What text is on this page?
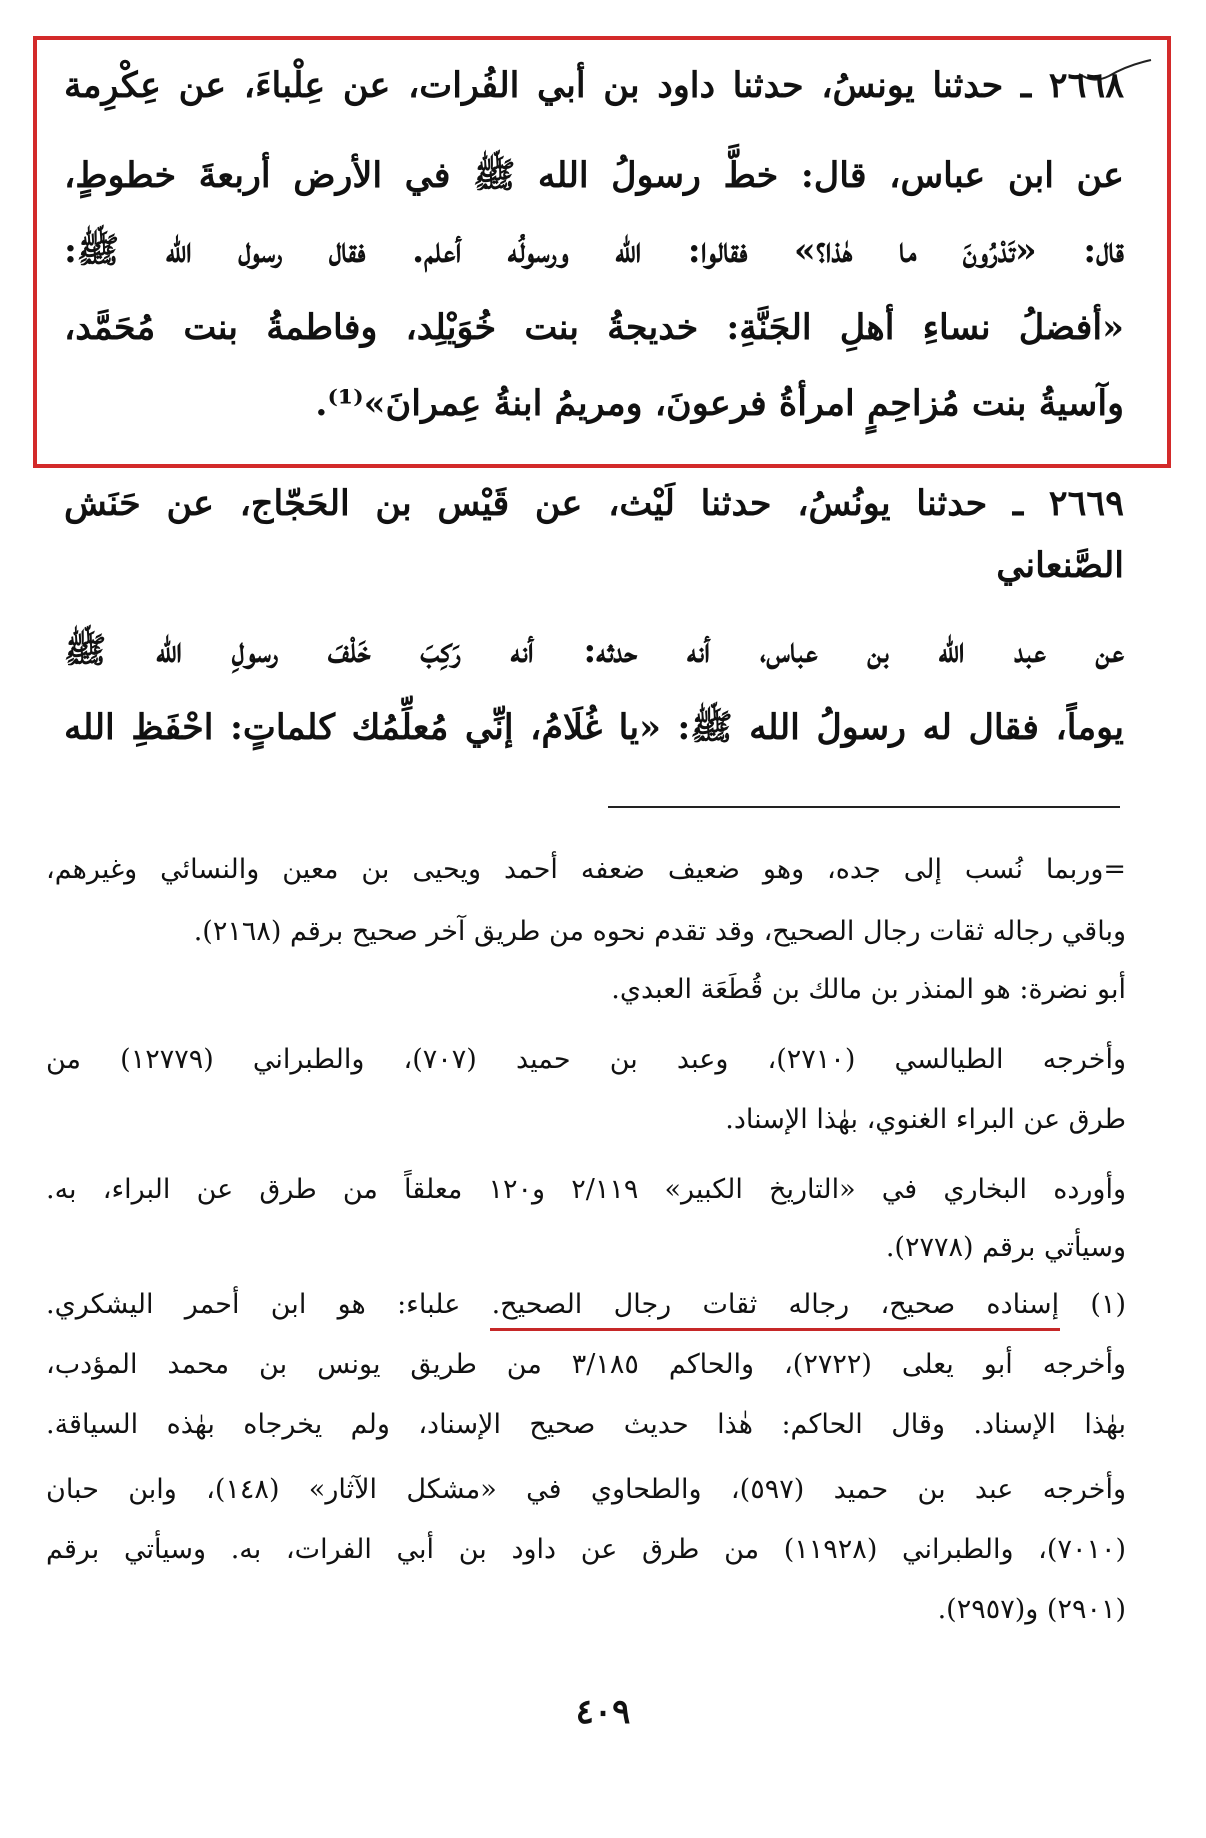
٢٦٦٨ ـ حدثنا يونسُ، حدثنا داود بن أبي الفُرات، عن عِلْباءَ، عن عِكْرِمة
عن ابن عباس، قال: خطَّ رسولُ الله ﷺ في الأرض أربعةَ خطوطٍ،
قال: «تَدْرُونَ ما هٰذا؟» فقالوا: الله ورسولُه أعلم. فقال رسول الله ﷺ:
«أفضلُ نساءِ أهلِ الجَنَّةِ: خديجةُ بنت خُوَيْلِد، وفاطمةُ بنت مُحَمَّد،
وآسيةُ بنت مُزاحِمٍ امرأةُ فرعونَ، ومريمُ ابنةُ عِمرانَ»⁽¹⁾.
٢٦٦٩ ـ حدثنا يونُسُ، حدثنا لَيْث، عن قَيْس بن الحَجّاج، عن حَنَش
الصَّنعاني
عن عبد الله بن عباس، أنه حدثه: أنه رَكِبَ خَلْفَ رسولِ الله ﷺ
يوماً، فقال له رسولُ الله ﷺ: «يا غُلَامُ، إنِّي مُعلِّمُك كلماتٍ: احْفَظِ الله
=وربما نُسب إلى جده، وهو ضعيف ضعفه أحمد ويحيى بن معين والنسائي وغيرهم،
وباقي رجاله ثقات رجال الصحيح، وقد تقدم نحوه من طريق آخر صحيح برقم (٢١٦٨).
أبو نضرة: هو المنذر بن مالك بن قُطَعَة العبدي.
وأخرجه الطيالسي (٢٧١٠)، وعبد بن حميد (٧٠٧)، والطبراني (١٢٧٧٩) من
طرق عن البراء الغنوي، بهٰذا الإسناد.
وأورده البخاري في «التاريخ الكبير» ٢/١١٩ و١٢٠ معلقاً من طرق عن البراء، به.
وسيأتي برقم (٢٧٧٨).
(١) إسناده صحيح، رجاله ثقات رجال الصحيح. علباء: هو ابن أحمر اليشكري.
وأخرجه أبو يعلى (٢٧٢٢)، والحاكم ٣/١٨٥ من طريق يونس بن محمد المؤدب،
بهٰذا الإسناد. وقال الحاكم: هٰذا حديث صحيح الإسناد، ولم يخرجاه بهٰذه السياقة.
وأخرجه عبد بن حميد (٥٩٧)، والطحاوي في «مشكل الآثار» (١٤٨)، وابن حبان
(٧٠١٠)، والطبراني (١١٩٢٨) من طرق عن داود بن أبي الفرات، به. وسيأتي برقم
(٢٩٠١) و(٢٩٥٧).
٤٠٩
